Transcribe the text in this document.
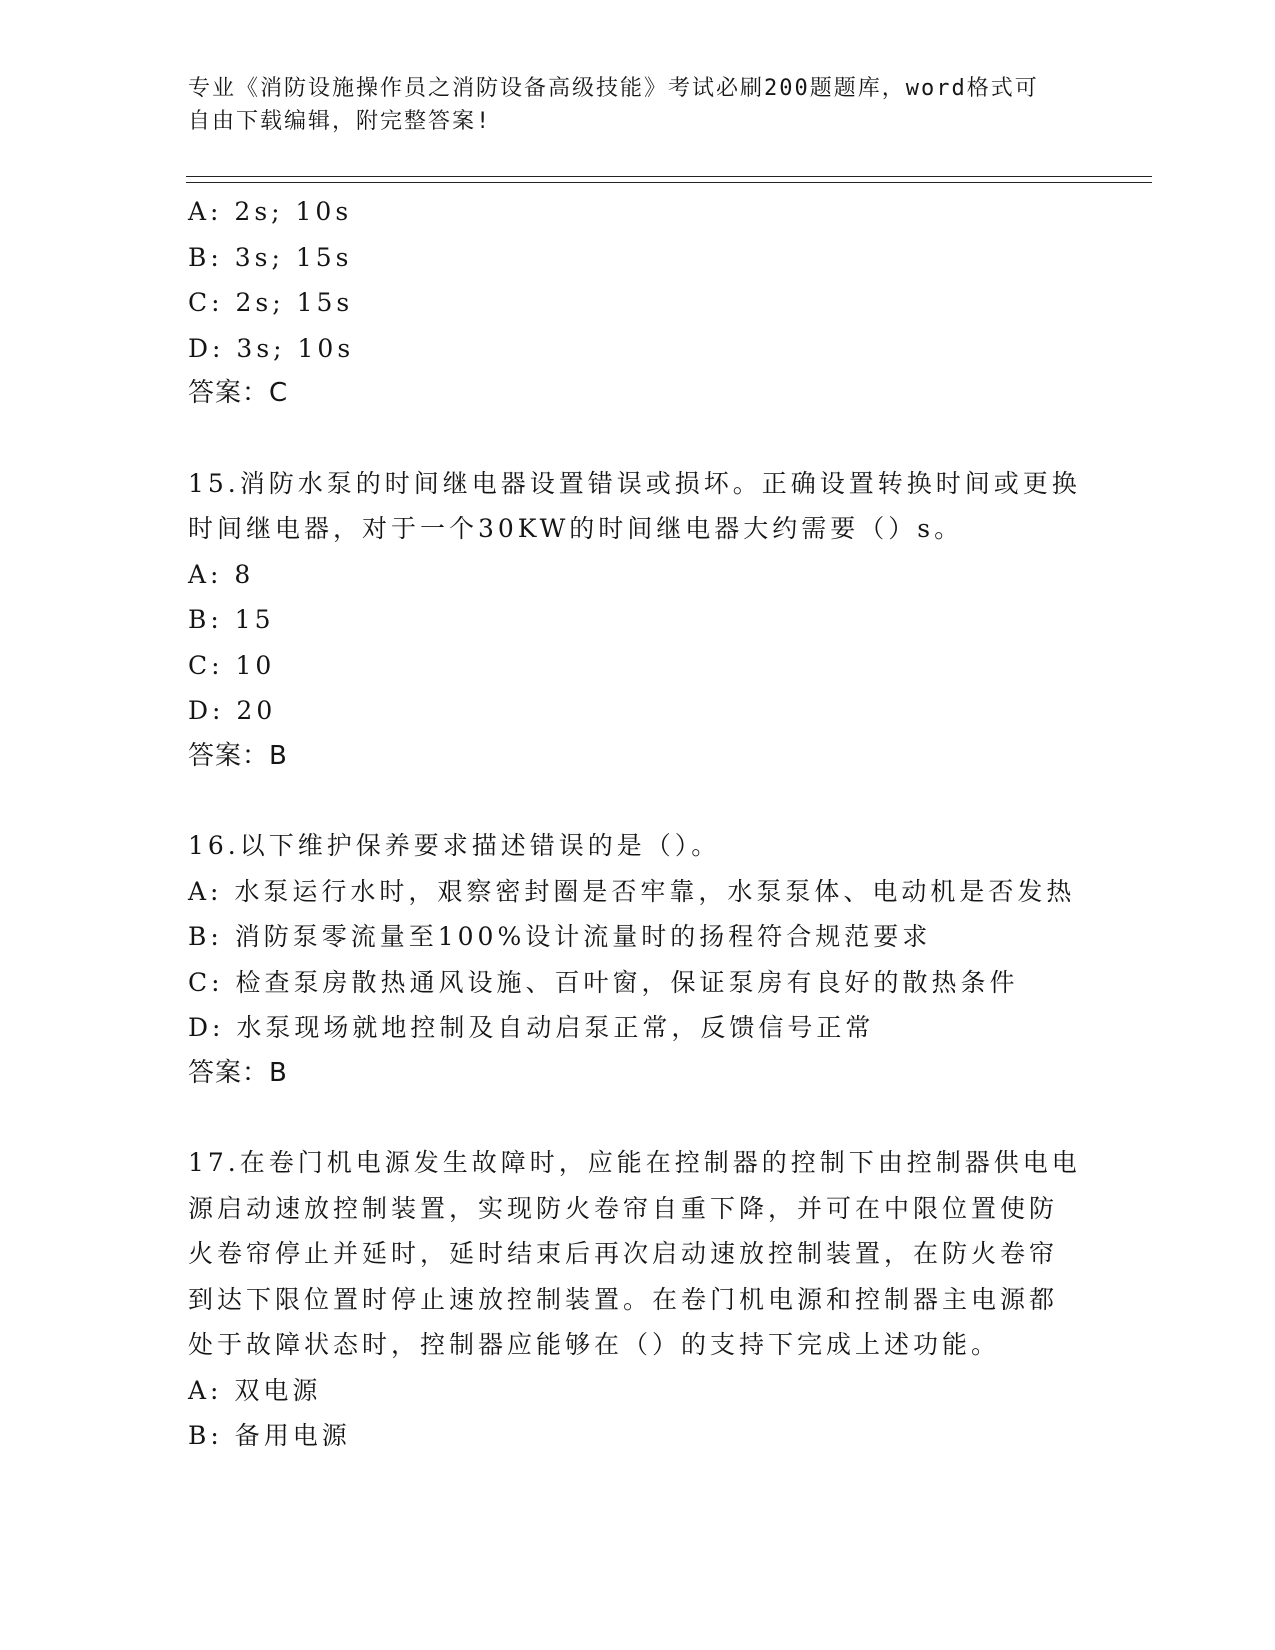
专业《消防设施操作员之消防设备高级技能》考试必刷200题题库，word格式可
自由下载编辑，附完整答案!
A: 2s; 10s
B: 3s; 15s
C: 2s; 15s
D: 3s; 10s
答案：C
15.消防水泵的时间继电器设置错误或损坏。正确设置转换时间或更换
时间继电器，对于一个30KW的时间继电器大约需要（）s。
A: 8
B: 15
C: 10
D: 20
答案：B
16.以下维护保养要求描述错误的是（）。
A: 水泵运行水时，艰察密封圈是否牢靠，水泵泵体、电动机是否发热
B: 消防泵零流量至100%设计流量时的扬程符合规范要求
C: 检查泵房散热通风设施、百叶窗，保证泵房有良好的散热条件
D: 水泵现场就地控制及自动启泵正常，反馈信号正常
答案：B
17.在卷门机电源发生故障时，应能在控制器的控制下由控制器供电电
源启动速放控制装置，实现防火卷帘自重下降，并可在中限位置使防
火卷帘停止并延时，延时结束后再次启动速放控制装置，在防火卷帘
到达下限位置时停止速放控制装置。在卷门机电源和控制器主电源都
处于故障状态时，控制器应能够在（）的支持下完成上述功能。
A: 双电源
B: 备用电源
